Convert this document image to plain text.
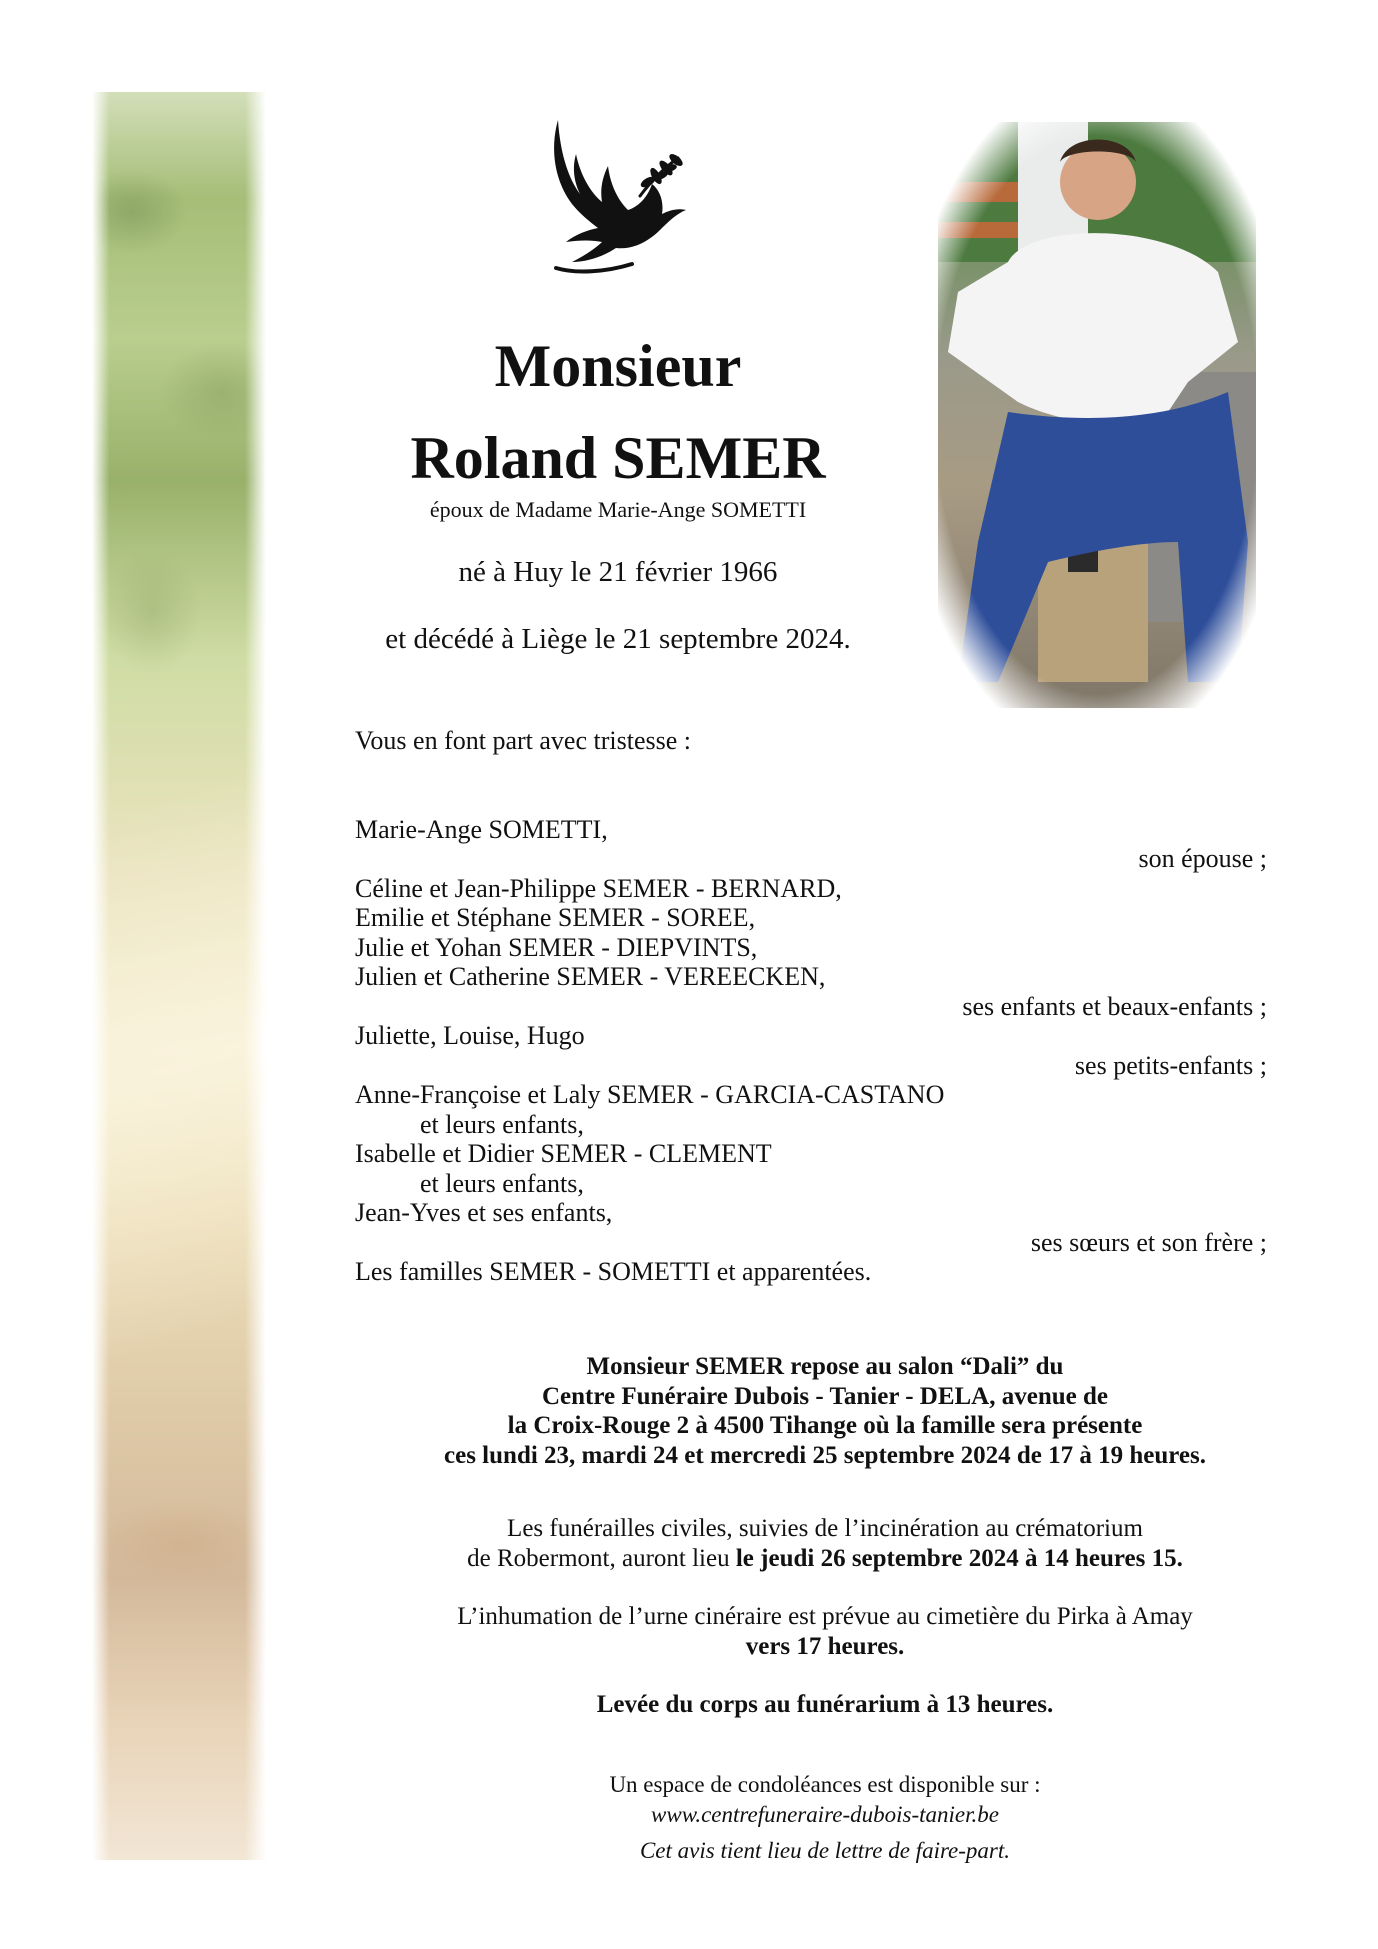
Monsieur

Roland SEMER

époux de Madame Marie-Ange SOMETTI

né à Huy le 21 février 1966

et décédé à Liège le 21 septembre 2024.

Vous en font part avec tristesse :

Marie-Ange SOMETTI,

son épouse ;

Céline et Jean-Philippe SEMER - BERNARD,

Emilie et Stéphane SEMER - SOREE,

Julie et Yohan SEMER - DIEPVINTS,

Julien et Catherine SEMER - VEREECKEN,

ses enfants et beaux-enfants ;

Juliette, Louise, Hugo

ses petits-enfants ;

Anne-Françoise et Laly SEMER - GARCIA-CASTANO

et leurs enfants,

Isabelle et Didier SEMER - CLEMENT

et leurs enfants,

Jean-Yves et ses enfants,

ses sœurs et son frère ;

Les familles SEMER - SOMETTI et apparentées.

Monsieur SEMER repose au salon “Dali” du

Centre Funéraire Dubois - Tanier - DELA, avenue de

la Croix-Rouge 2 à 4500 Tihange où la famille sera présente

ces lundi 23, mardi 24 et mercredi 25 septembre 2024 de 17 à 19 heures.

Les funérailles civiles, suivies de l’incinération au crématorium

de Robermont, auront lieu le jeudi 26 septembre 2024 à 14 heures 15.

L’inhumation de l’urne cinéraire est prévue au cimetière du Pirka à Amay

vers 17 heures.

Levée du corps au funérarium à 13 heures.

Un espace de condoléances est disponible sur :

www.centrefuneraire-dubois-tanier.be

Cet avis tient lieu de lettre de faire-part.
